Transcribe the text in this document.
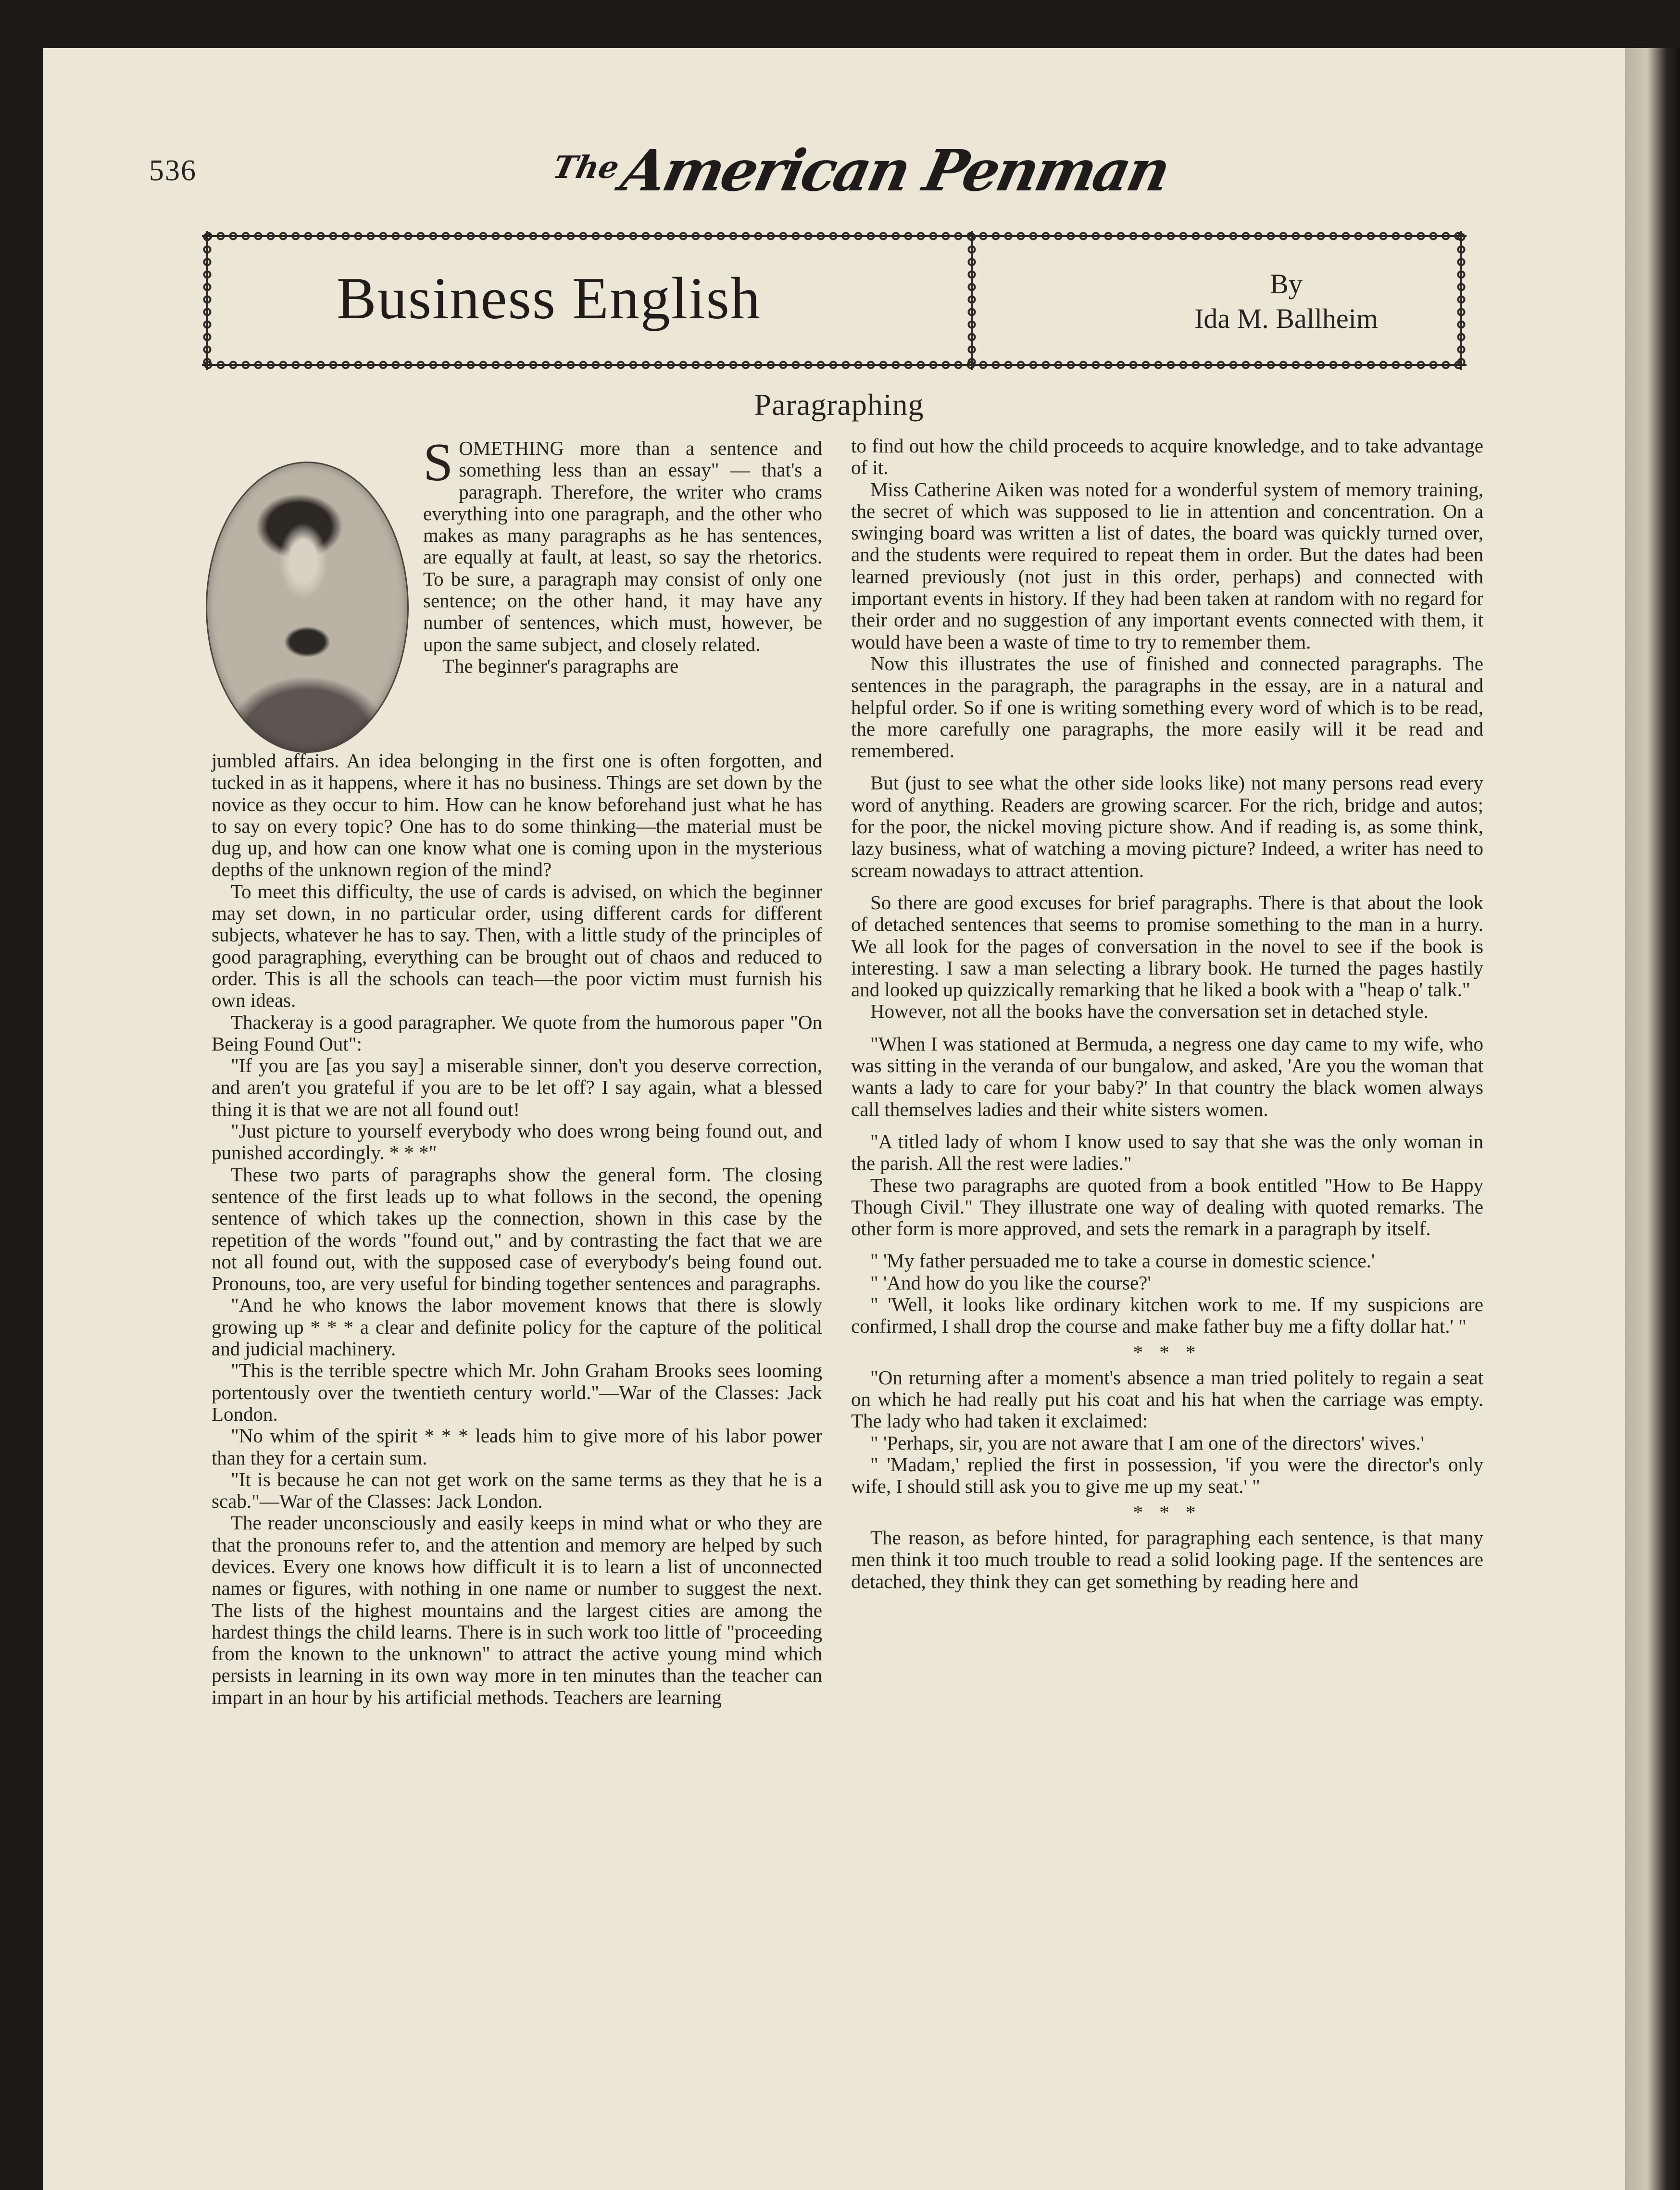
536	$^{The}$American Penman
Business English	By
Ida M. Ballheim
Paragraphing

SOMETHING more than a sentence and something less than an essay" — that's a paragraph. Therefore, the writer who crams everything into one paragraph, and the other who makes as many paragraphs as he has sentences, are equally at fault, at least, so say the rhetorics. To be sure, a paragraph may consist of only one sentence; on the other hand, it may have any number of sentences, which must, however, be upon the same subject, and closely related.

The beginner's paragraphs are

jumbled affairs. An idea belonging in the first one is often forgotten, and tucked in as it happens, where it has no business. Things are set down by the novice as they occur to him. How can he know beforehand just what he has to say on every topic? One has to do some thinking—the material must be dug up, and how can one know what one is coming upon in the mysterious depths of the unknown region of the mind?

To meet this difficulty, the use of cards is advised, on which the beginner may set down, in no particular order, using different cards for different subjects, whatever he has to say. Then, with a little study of the principles of good paragraphing, everything can be brought out of chaos and reduced to order. This is all the schools can teach—the poor victim must furnish his own ideas.

Thackeray is a good paragrapher. We quote from the humorous paper "On Being Found Out":

"If you are [as you say] a miserable sinner, don't you deserve correction, and aren't you grateful if you are to be let off? I say again, what a blessed thing it is that we are not all found out!

"Just picture to yourself everybody who does wrong being found out, and punished accordingly. * * *"

These two parts of paragraphs show the general form. The closing sentence of the first leads up to what follows in the second, the opening sentence of which takes up the connection, shown in this case by the repetition of the words "found out," and by contrasting the fact that we are not all found out, with the supposed case of everybody's being found out. Pronouns, too, are very useful for binding together sentences and paragraphs.

"And he who knows the labor movement knows that there is slowly growing up * * * a clear and definite policy for the capture of the political and judicial machinery.

"This is the terrible spectre which Mr. John Graham Brooks sees looming portentously over the twentieth century world."—War of the Classes: Jack London.

"No whim of the spirit * * * leads him to give more of his labor power than they for a certain sum.

"It is because he can not get work on the same terms as they that he is a scab."—War of the Classes: Jack London.

The reader unconsciously and easily keeps in mind what or who they are that the pronouns refer to, and the attention and memory are helped by such devices. Every one knows how difficult it is to learn a list of unconnected names or figures, with nothing in one name or number to suggest the next. The lists of the highest mountains and the largest cities are among the hardest things the child learns. There is in such work too little of "proceeding from the known to the unknown" to attract the active young mind which persists in learning in its own way more in ten minutes than the teacher can impart in an hour by his artificial methods. Teachers are learning

to find out how the child proceeds to acquire knowledge, and to take advantage of it.

Miss Catherine Aiken was noted for a wonderful system of memory training, the secret of which was supposed to lie in attention and concentration. On a swinging board was written a list of dates, the board was quickly turned over, and the students were required to repeat them in order. But the dates had been learned previously (not just in this order, perhaps) and connected with important events in history. If they had been taken at random with no regard for their order and no suggestion of any important events connected with them, it would have been a waste of time to try to remember them.

Now this illustrates the use of finished and connected paragraphs. The sentences in the paragraph, the paragraphs in the essay, are in a natural and helpful order. So if one is writing something every word of which is to be read, the more carefully one paragraphs, the more easily will it be read and remembered.

But (just to see what the other side looks like) not many persons read every word of anything. Readers are growing scarcer. For the rich, bridge and autos; for the poor, the nickel moving picture show. And if reading is, as some think, lazy business, what of watching a moving picture? Indeed, a writer has need to scream nowadays to attract attention.

So there are good excuses for brief paragraphs. There is that about the look of detached sentences that seems to promise something to the man in a hurry. We all look for the pages of conversation in the novel to see if the book is interesting. I saw a man selecting a library book. He turned the pages hastily and looked up quizzically remarking that he liked a book with a "heap o' talk."

However, not all the books have the conversation set in detached style.

"When I was stationed at Bermuda, a negress one day came to my wife, who was sitting in the veranda of our bungalow, and asked, 'Are you the woman that wants a lady to care for your baby?' In that country the black women always call themselves ladies and their white sisters women.

"A titled lady of whom I know used to say that she was the only woman in the parish. All the rest were ladies."

These two paragraphs are quoted from a book entitled "How to Be Happy Though Civil." They illustrate one way of dealing with quoted remarks. The other form is more approved, and sets the remark in a paragraph by itself.

" 'My father persuaded me to take a course in domestic science.'

" 'And how do you like the course?'

" 'Well, it looks like ordinary kitchen work to me. If my suspicions are confirmed, I shall drop the course and make father buy me a fifty dollar hat.' "

* * *

"On returning after a moment's absence a man tried politely to regain a seat on which he had really put his coat and his hat when the carriage was empty. The lady who had taken it exclaimed:

" 'Perhaps, sir, you are not aware that I am one of the directors' wives.'

" 'Madam,' replied the first in possession, 'if you were the director's only wife, I should still ask you to give me up my seat.' "

* * *

The reason, as before hinted, for paragraphing each sentence, is that many men think it too much trouble to read a solid looking page. If the sentences are detached, they think they can get something by reading here and
